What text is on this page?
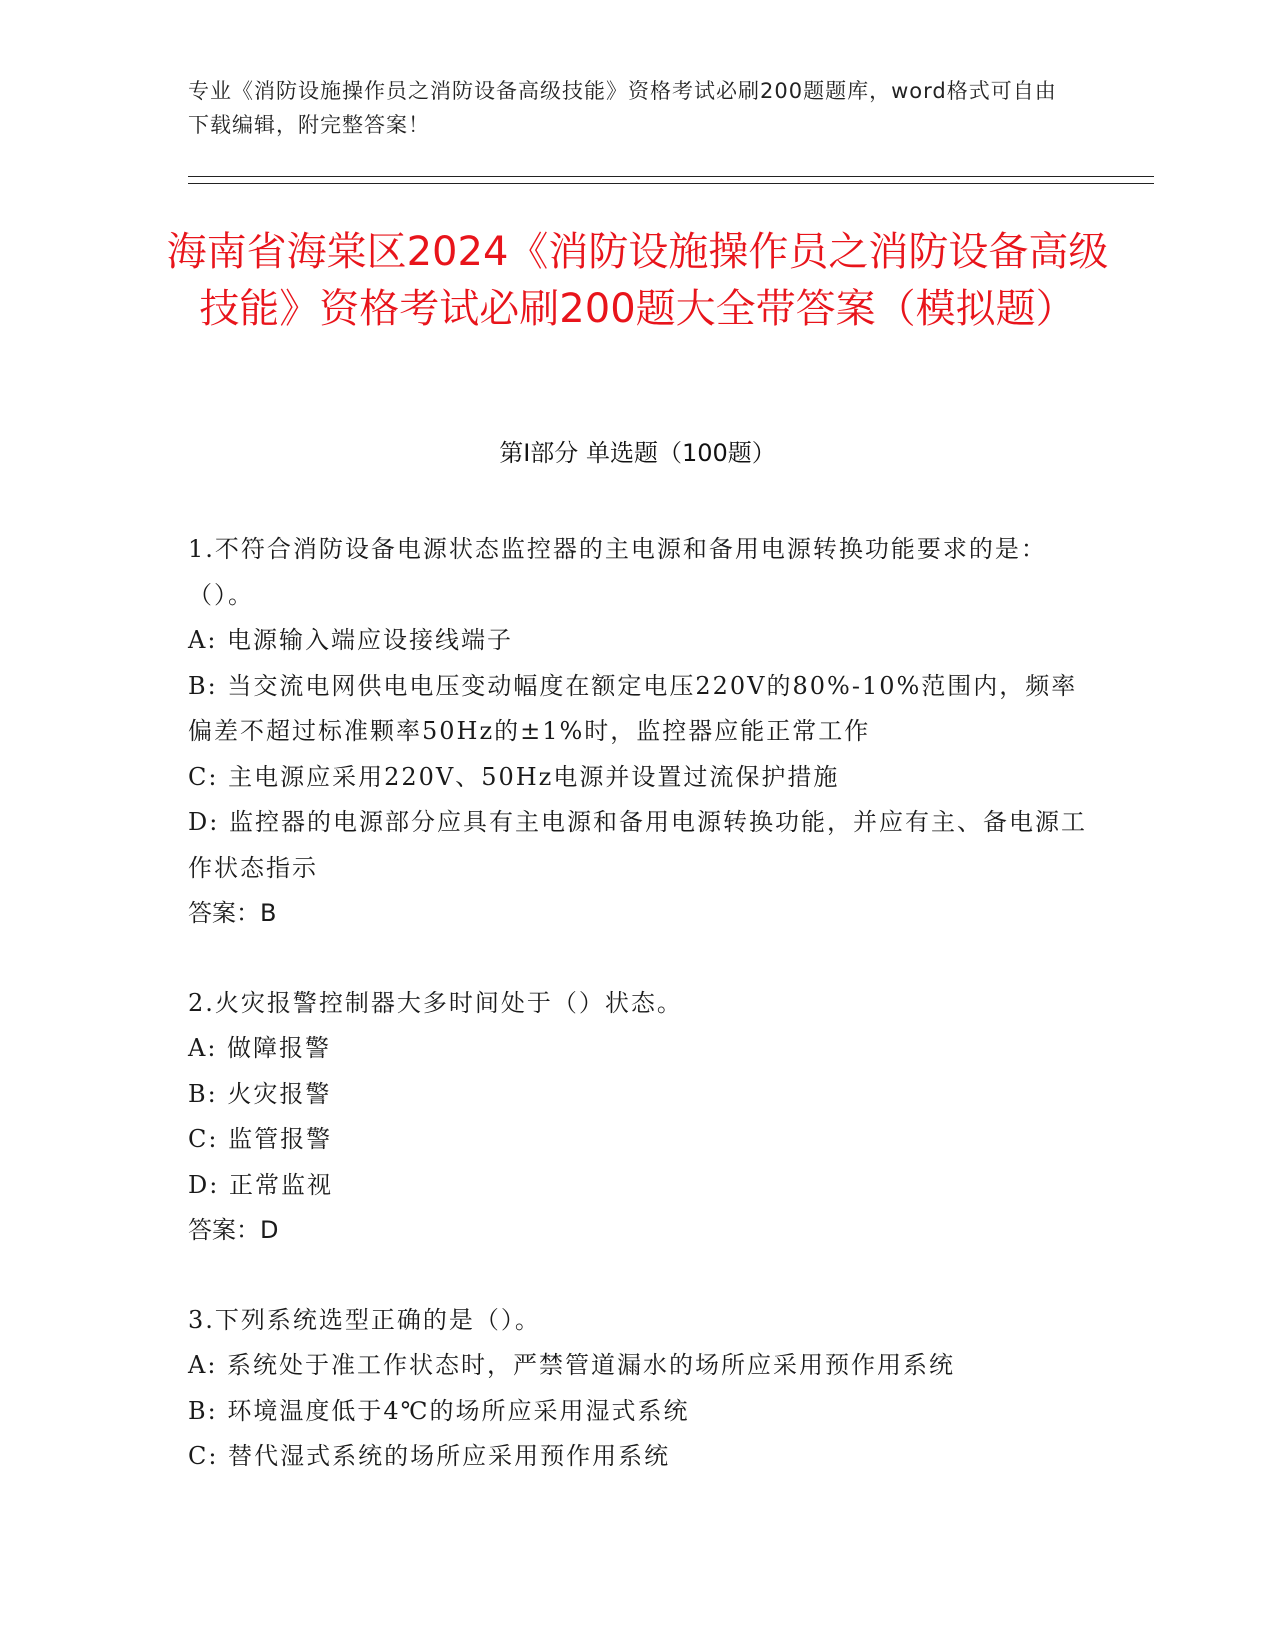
专业《消防设施操作员之消防设备高级技能》资格考试必刷200题题库，word格式可自由下载编辑，附完整答案！
海南省海棠区2024《消防设施操作员之消防设备高级技能》资格考试必刷200题大全带答案（模拟题）
第Ⅰ部分 单选题（100题）

1.不符合消防设备电源状态监控器的主电源和备用电源转换功能要求的是：（）。

A: 电源输入端应设接线端子

B: 当交流电网供电电压变动幅度在额定电压220V的80%-10%范围内，频率偏差不超过标准颗率50Hz的±1%时，监控器应能正常工作

C: 主电源应采用220V、50Hz电源并设置过流保护措施

D: 监控器的电源部分应具有主电源和备用电源转换功能，并应有主、备电源工作状态指示

答案：B

2.火灾报警控制器大多时间处于（）状态。

A: 做障报警

B: 火灾报警

C: 监管报警

D: 正常监视

答案：D

3.下列系统选型正确的是（）。

A: 系统处于准工作状态时，严禁管道漏水的场所应采用预作用系统

B: 环境温度低于4℃的场所应采用湿式系统

C: 替代湿式系统的场所应采用预作用系统
